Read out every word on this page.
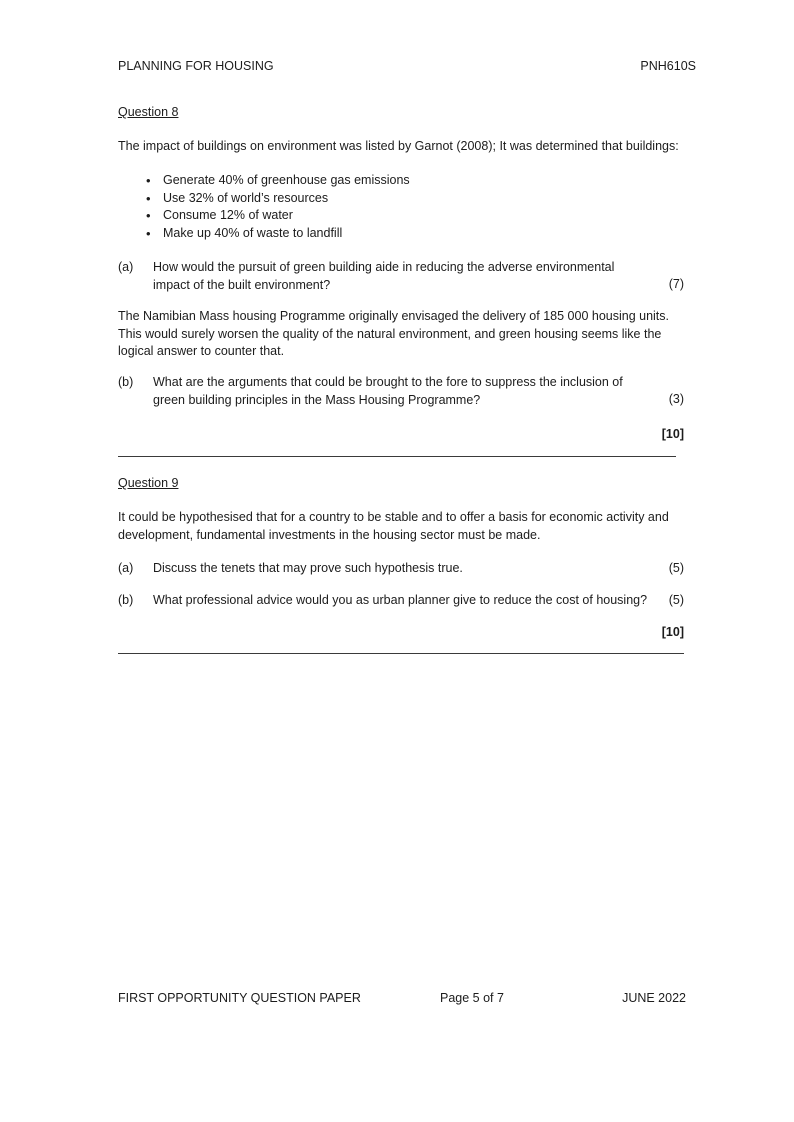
PLANNING FOR HOUSING	PNH610S
Question 8
The impact of buildings on environment was listed by Garnot (2008); It was determined that buildings:
• Generate 40% of greenhouse gas emissions
• Use 32% of world’s resources
• Consume 12% of water
• Make up 40% of waste to landfill
(a) How would the pursuit of green building aide in reducing the adverse environmental impact of the built environment?	(7)
The Namibian Mass housing Programme originally envisaged the delivery of 185 000 housing units. This would surely worsen the quality of the natural environment, and green housing seems like the logical answer to counter that.
(b) What are the arguments that could be brought to the fore to suppress the inclusion of green building principles in the Mass Housing Programme?	(3)
[10]
Question 9
It could be hypothesised that for a country to be stable and to offer a basis for economic activity and development, fundamental investments in the housing sector must be made.
(a) Discuss the tenets that may prove such hypothesis true.	(5)
(b) What professional advice would you as urban planner give to reduce the cost of housing?	(5)
[10]
FIRST OPPORTUNITY QUESTION PAPER	Page 5 of 7	JUNE 2022
